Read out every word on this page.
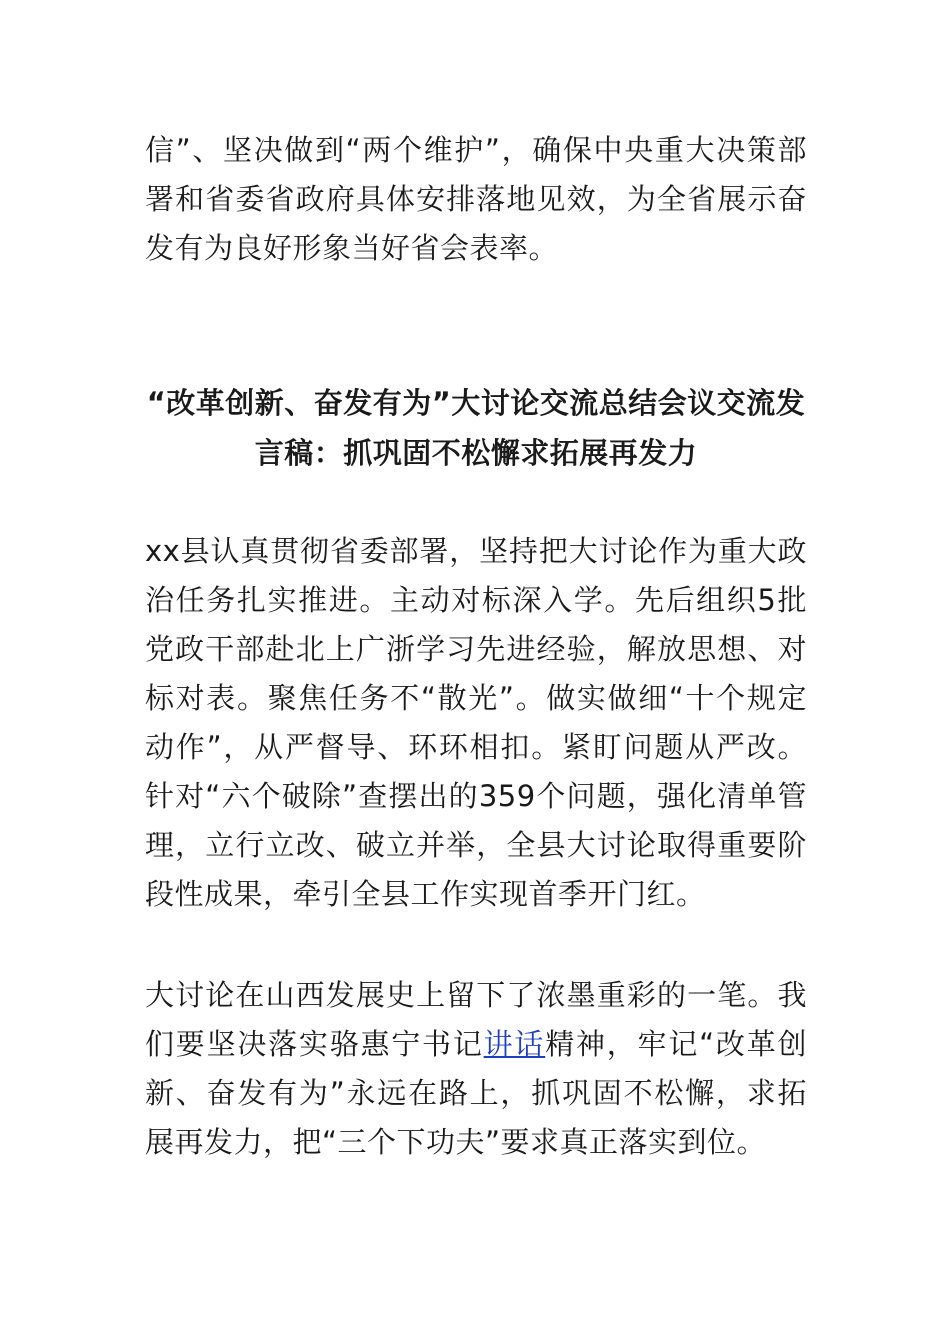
信”、坚决做到“两个维护”，确保中央重大决策部署和省委省政府具体安排落地见效，为全省展示奋发有为良好形象当好省会表率。

“改革创新、奋发有为”大讨论交流总结会议交流发言稿：抓巩固不松懈求拓展再发力

xx县认真贯彻省委部署，坚持把大讨论作为重大政治任务扎实推进。主动对标深入学。先后组织5批党政干部赴北上广浙学习先进经验，解放思想、对标对表。聚焦任务不“散光”。做实做细“十个规定动作”，从严督导、环环相扣。紧盯问题从严改。针对“六个破除”查摆出的359个问题，强化清单管理，立行立改、破立并举，全县大讨论取得重要阶段性成果，牵引全县工作实现首季开门红。

大讨论在山西发展史上留下了浓墨重彩的一笔。我们要坚决落实骆惠宁书记讲话精神，牢记“改革创新、奋发有为”永远在路上，抓巩固不松懈，求拓展再发力，把“三个下功夫”要求真正落实到位。
